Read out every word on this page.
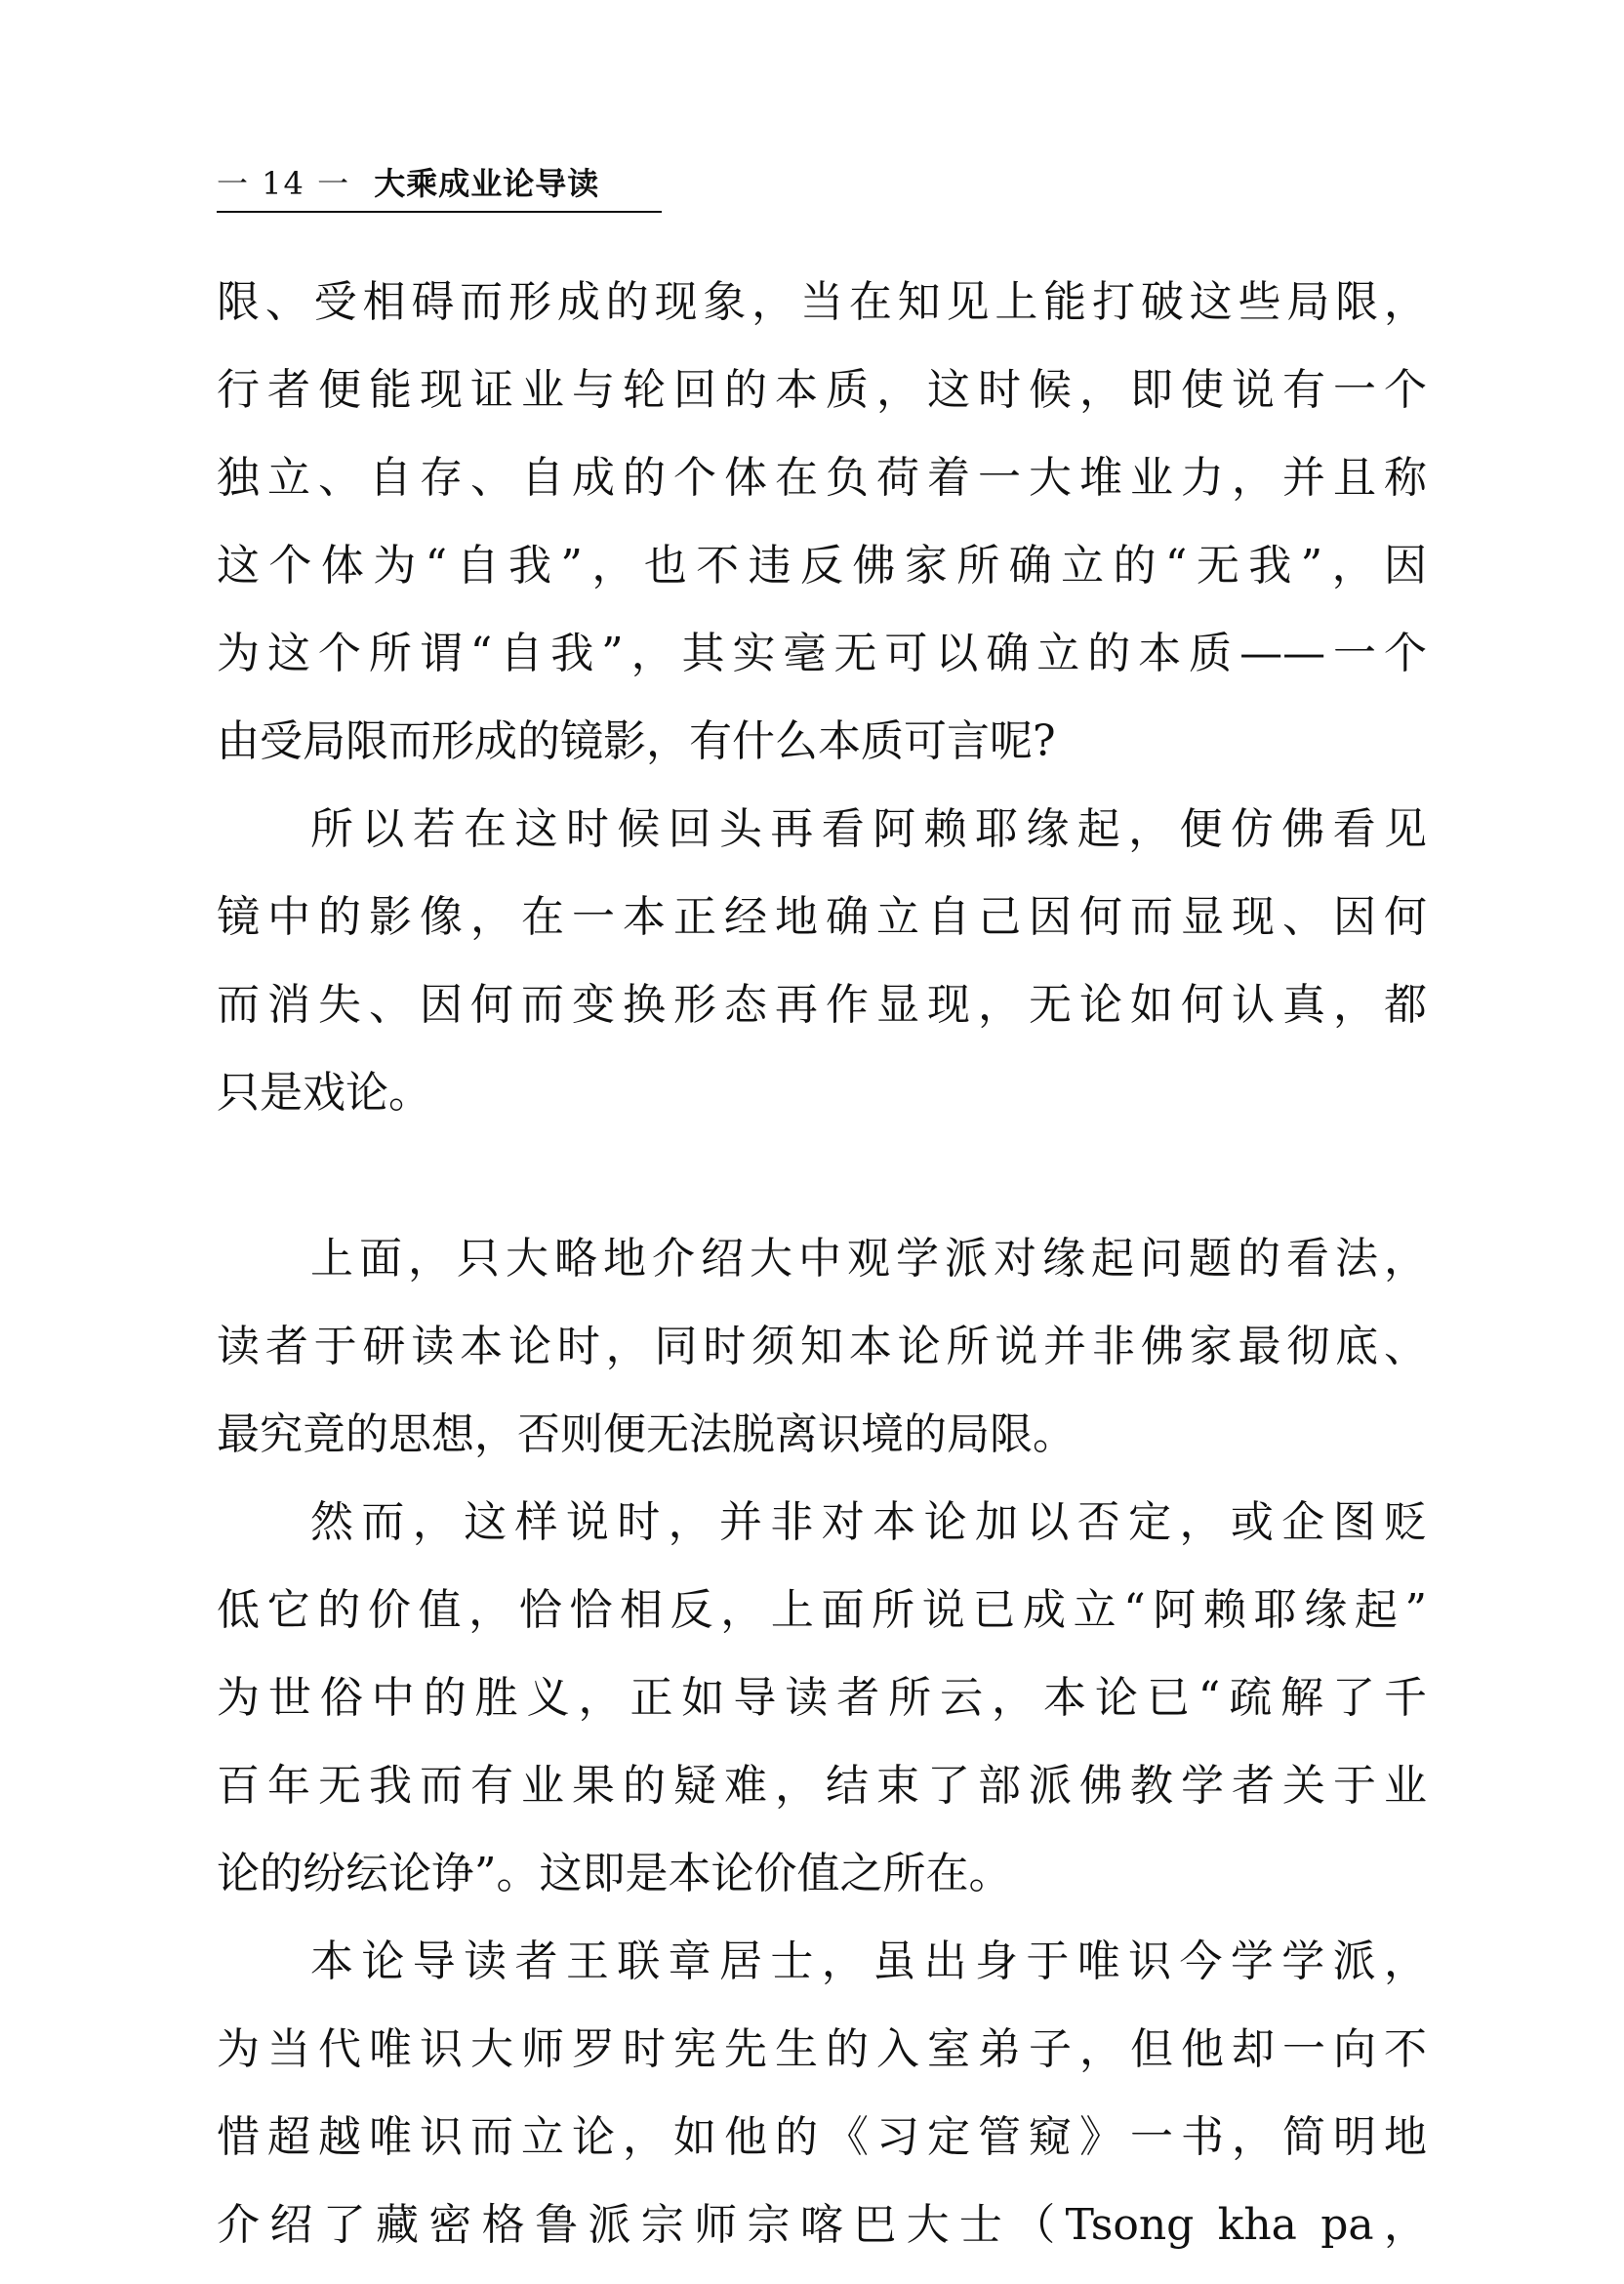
一 14 一 大乘成业论导读
限、受相碍而形成的现象，当在知见上能打破这些局限，
行者便能现证业与轮回的本质，这时候，即使说有一个
独立、自存、自成的个体在负荷着一大堆业力，并且称
这个体为“自我”，也不违反佛家所确立的“无我”，因
为这个所谓“自我”，其实毫无可以确立的本质——一个
由受局限而形成的镜影，有什么本质可言呢?
所以若在这时候回头再看阿赖耶缘起，便仿佛看见
镜中的影像，在一本正经地确立自己因何而显现、因何
而消失、因何而变换形态再作显现，无论如何认真，都
只是戏论。
上面，只大略地介绍大中观学派对缘起问题的看法，
读者于研读本论时，同时须知本论所说并非佛家最彻底、
最究竟的思想，否则便无法脱离识境的局限。
然而，这样说时，并非对本论加以否定，或企图贬
低它的价值，恰恰相反，上面所说已成立“阿赖耶缘起”
为世俗中的胜义，正如导读者所云，本论已“疏解了千
百年无我而有业果的疑难，结束了部派佛教学者关于业
论的纷纭论诤”。这即是本论价值之所在。
本论导读者王联章居士，虽出身于唯识今学学派，
为当代唯识大师罗时宪先生的入室弟子，但他却一向不
惜超越唯识而立论，如他的《习定管窥》一书，简明地
介绍了藏密格鲁派宗师宗喀巴大士（Tsong kha pa，
